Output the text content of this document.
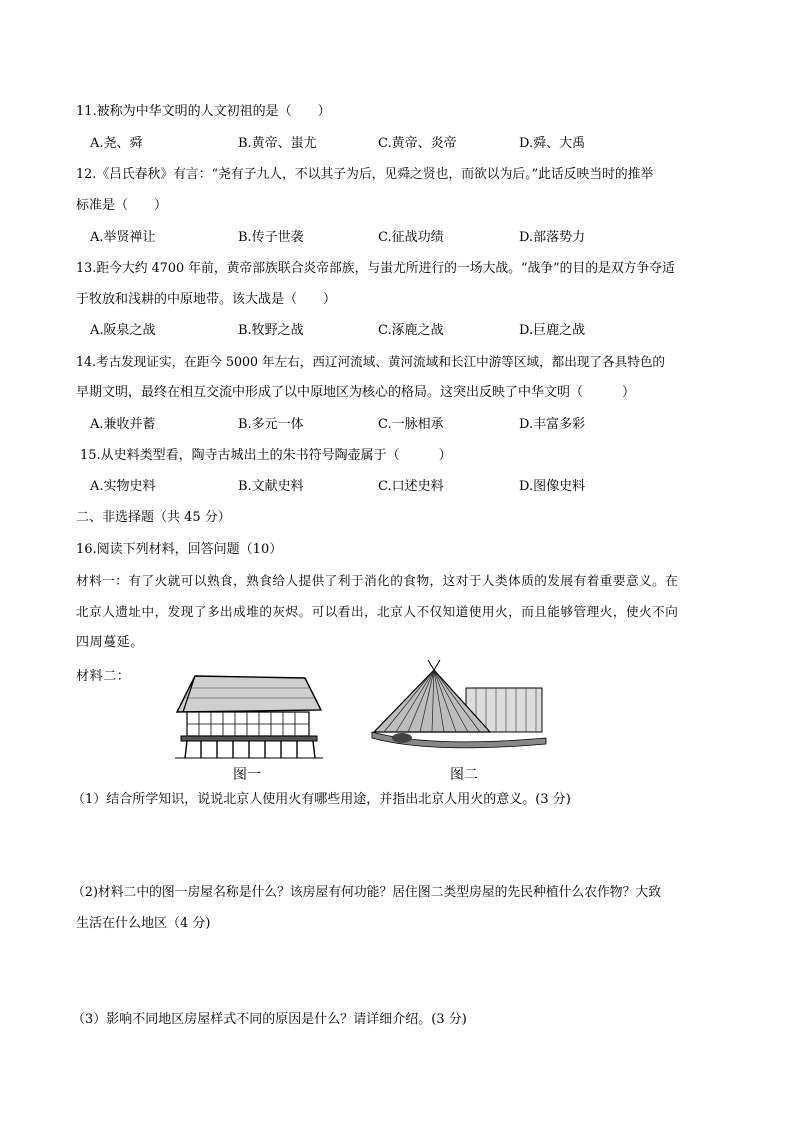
11.被称为中华文明的人文初祖的是（　　）
A.尧、舜	B.黄帝、蚩尤	C.黄帝、炎帝	D.舜、大禹
12.《吕氏春秋》有言：“尧有子九人，不以其子为后，见舜之贤也，而欲以为后。”此话反映当时的推举
标准是（　　）
A.举贤禅让	B.传子世袭	C.征战功绩	D.部落势力
13.距今大约 4700 年前，黄帝部族联合炎帝部族，与蚩尤所进行的一场大战。“战争”的目的是双方争夺适
于牧放和浅耕的中原地带。该大战是（　　）
A.阪泉之战	B.牧野之战	C.涿鹿之战	D.巨鹿之战
14.考古发现证实，在距今 5000 年左右，西辽河流域、黄河流域和长江中游等区域，都出现了各具特色的
早期文明，最终在相互交流中形成了以中原地区为核心的格局。这突出反映了中华文明（　　　）
A.兼收并蓄	B.多元一体	C.一脉相承	D.丰富多彩
15.从史料类型看，陶寺古城出土的朱书符号陶壶属于（　　　）
A.实物史料	B.文献史料	C.口述史料	D.图像史料
二、非选择题（共 45 分）
16.阅读下列材料，回答问题（10）
材料一：有了火就可以熟食，熟食给人提供了利于消化的食物，这对于人类体质的发展有着重要意义。在
北京人遗址中，发现了多出成堆的灰烬。可以看出，北京人不仅知道使用火，而且能够管理火，使火不向
四周蔓延。
材料二：
图一	图二
（1）结合所学知识，说说北京人使用火有哪些用途，并指出北京人用火的意义。(3 分)
（2)材料二中的图一房屋名称是什么？该房屋有何功能？居住图二类型房屋的先民种植什么农作物？大致
生活在什么地区（4 分)
（3）影响不同地区房屋样式不同的原因是什么？请详细介绍。(3 分)
